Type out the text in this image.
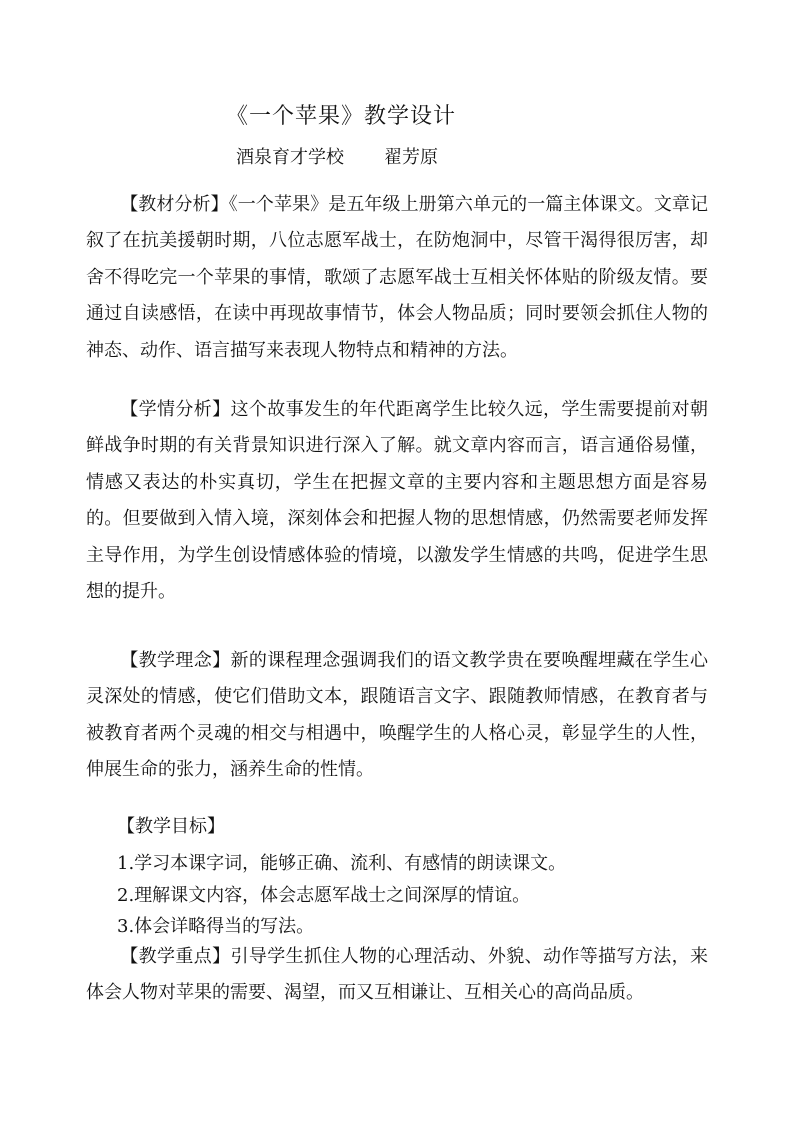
《一个苹果》教学设计
酒泉育才学校 翟芳原
【教材分析】《一个苹果》是五年级上册第六单元的一篇主体课文。文章记叙了在抗美援朝时期，八位志愿军战士，在防炮洞中，尽管干渴得很厉害，却舍不得吃完一个苹果的事情，歌颂了志愿军战士互相关怀体贴的阶级友情。要通过自读感悟，在读中再现故事情节，体会人物品质；同时要领会抓住人物的神态、动作、语言描写来表现人物特点和精神的方法。
【学情分析】这个故事发生的年代距离学生比较久远，学生需要提前对朝鲜战争时期的有关背景知识进行深入了解。就文章内容而言，语言通俗易懂，情感又表达的朴实真切，学生在把握文章的主要内容和主题思想方面是容易的。但要做到入情入境，深刻体会和把握人物的思想情感，仍然需要老师发挥主导作用，为学生创设情感体验的情境，以激发学生情感的共鸣，促进学生思想的提升。
【教学理念】新的课程理念强调我们的语文教学贵在要唤醒埋藏在学生心灵深处的情感，使它们借助文本，跟随语言文字、跟随教师情感，在教育者与被教育者两个灵魂的相交与相遇中，唤醒学生的人格心灵，彰显学生的人性，伸展生命的张力，涵养生命的性情。
【教学目标】
1.学习本课字词，能够正确、流利、有感情的朗读课文。
2.理解课文内容，体会志愿军战士之间深厚的情谊。
3.体会详略得当的写法。
【教学重点】引导学生抓住人物的心理活动、外貌、动作等描写方法，来体会人物对苹果的需要、渴望，而又互相谦让、互相关心的高尚品质。
